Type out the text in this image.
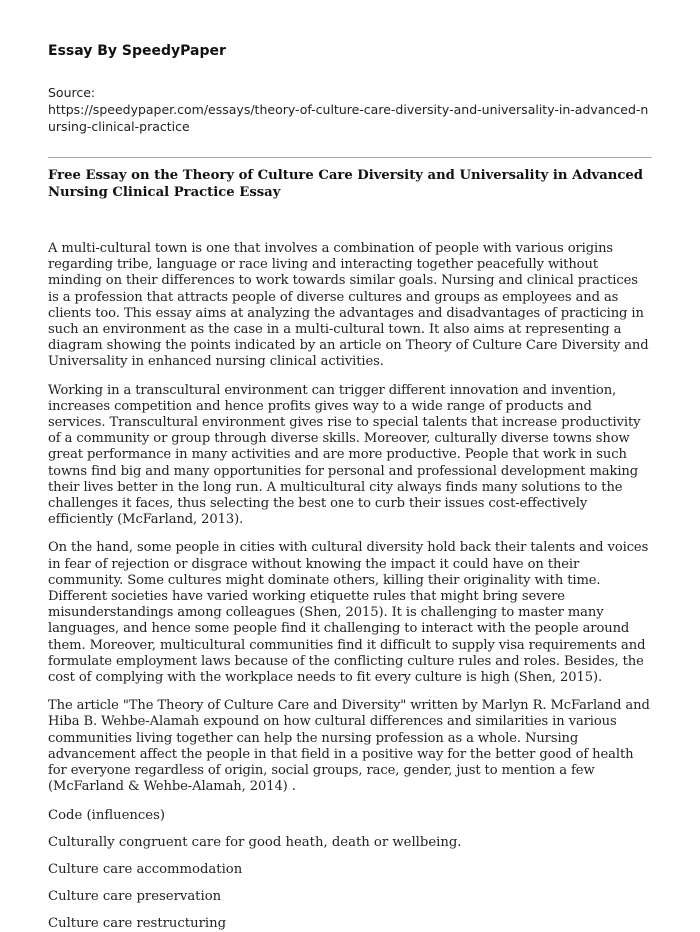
Essay By SpeedyPaper
Source:
https://speedypaper.com/essays/theory-of-culture-care-diversity-and-universality-in-advanced-nursing-clinical-practice
Free Essay on the Theory of Culture Care Diversity and Universality in Advanced Nursing Clinical Practice Essay

A multi-cultural town is one that involves a combination of people with various origins regarding tribe, language or race living and interacting together peacefully without minding on their differences to work towards similar goals. Nursing and clinical practices is a profession that attracts people of diverse cultures and groups as employees and as clients too. This essay aims at analyzing the advantages and disadvantages of practicing in such an environment as the case in a multi-cultural town. It also aims at representing a diagram showing the points indicated by an article on Theory of Culture Care Diversity and Universality in enhanced nursing clinical activities.

Working in a transcultural environment can trigger different innovation and invention, increases competition and hence profits gives way to a wide range of products and services. Transcultural environment gives rise to special talents that increase productivity of a community or group through diverse skills. Moreover, culturally diverse towns show great performance in many activities and are more productive. People that work in such towns find big and many opportunities for personal and professional development making their lives better in the long run. A multicultural city always finds many solutions to the challenges it faces, thus selecting the best one to curb their issues cost-effectively efficiently (McFarland, 2013).

On the hand, some people in cities with cultural diversity hold back their talents and voices in fear of rejection or disgrace without knowing the impact it could have on their community. Some cultures might dominate others, killing their originality with time. Different societies have varied working etiquette rules that might bring severe misunderstandings among colleagues (Shen, 2015). It is challenging to master many languages, and hence some people find it challenging to interact with the people around them. Moreover, multicultural communities find it difficult to supply visa requirements and formulate employment laws because of the conflicting culture rules and roles. Besides, the cost of complying with the workplace needs to fit every culture is high (Shen, 2015).

The article "The Theory of Culture Care and Diversity" written by Marlyn R. McFarland and Hiba B. Wehbe-Alamah expound on how cultural differences and similarities in various communities living together can help the nursing profession as a whole. Nursing advancement affect the people in that field in a positive way for the better good of health for everyone regardless of origin, social groups, race, gender, just to mention a few (McFarland & Wehbe-Alamah, 2014) .

Code (influences)

Culturally congruent care for good heath, death or wellbeing.

Culture care accommodation

Culture care preservation

Culture care restructuring
